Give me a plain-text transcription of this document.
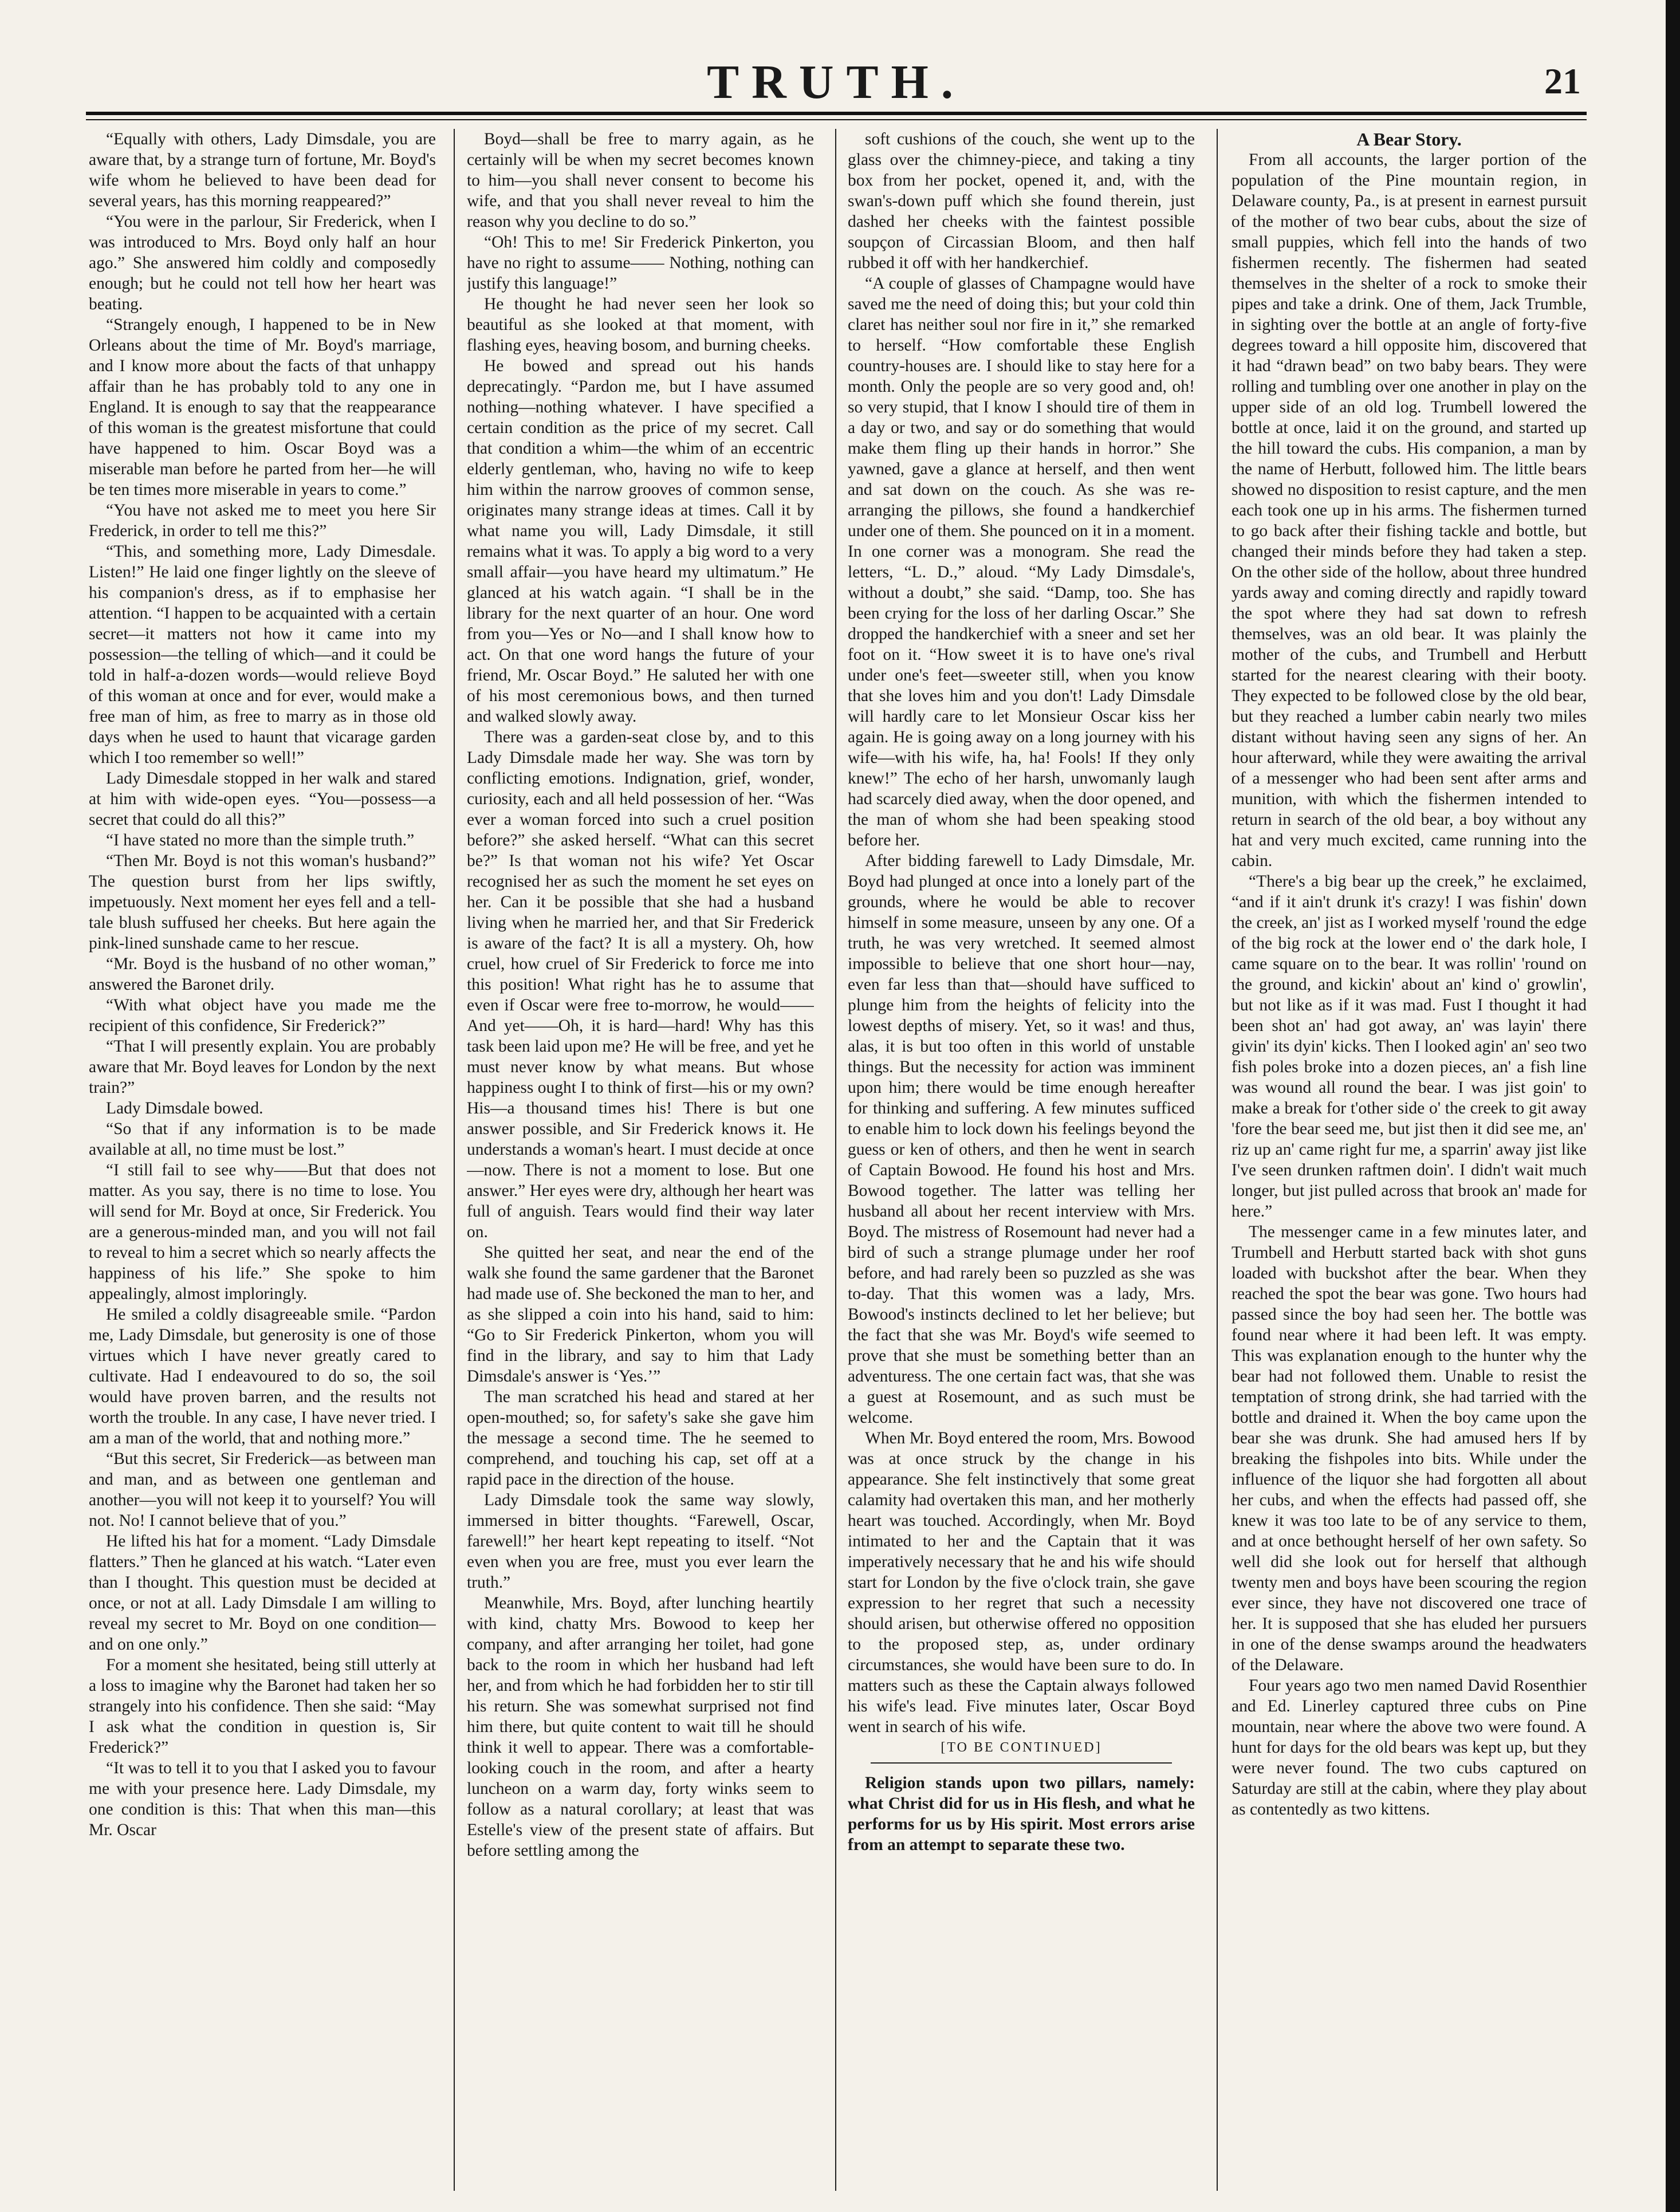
TRUTH.	21

“Equally with others, Lady Dimsdale, you are aware that, by a strange turn of fortune, Mr. Boyd's wife whom he believed to have been dead for several years, has this morning reappeared?”

“You were in the parlour, Sir Frederick, when I was introduced to Mrs. Boyd only half an hour ago.” She answered him coldly and composedly enough; but he could not tell how her heart was beating.

“Strangely enough, I happened to be in New Orleans about the time of Mr. Boyd's marriage, and I know more about the facts of that unhappy affair than he has probably told to any one in England. It is enough to say that the reappearance of this woman is the greatest misfortune that could have happened to him. Oscar Boyd was a miserable man before he parted from her—he will be ten times more miserable in years to come.”

“You have not asked me to meet you here Sir Frederick, in order to tell me this?”

“This, and something more, Lady Dimesdale. Listen!” He laid one finger lightly on the sleeve of his companion's dress, as if to emphasise her attention. “I happen to be acquainted with a certain secret—it matters not how it came into my possession—the telling of which—and it could be told in half-a-dozen words—would relieve Boyd of this woman at once and for ever, would make a free man of him, as free to marry as in those old days when he used to haunt that vicarage garden which I too remember so well!”

Lady Dimesdale stopped in her walk and stared at him with wide-open eyes. “You—possess—a secret that could do all this?”

“I have stated no more than the simple truth.”

“Then Mr. Boyd is not this woman's husband?” The question burst from her lips swiftly, impetuously. Next moment her eyes fell and a tell-tale blush suffused her cheeks. But here again the pink-lined sunshade came to her rescue.

“Mr. Boyd is the husband of no other woman,” answered the Baronet drily.

“With what object have you made me the recipient of this confidence, Sir Frederick?”

“That I will presently explain. You are probably aware that Mr. Boyd leaves for London by the next train?”

Lady Dimsdale bowed.

“So that if any information is to be made available at all, no time must be lost.”

“I still fail to see why——But that does not matter. As you say, there is no time to lose. You will send for Mr. Boyd at once, Sir Frederick. You are a generous-minded man, and you will not fail to reveal to him a secret which so nearly affects the happiness of his life.” She spoke to him appealingly, almost imploringly.

He smiled a coldly disagreeable smile. “Pardon me, Lady Dimsdale, but generosity is one of those virtues which I have never greatly cared to cultivate. Had I endeavoured to do so, the soil would have proven barren, and the results not worth the trouble. In any case, I have never tried. I am a man of the world, that and nothing more.”

“But this secret, Sir Frederick—as between man and man, and as between one gentleman and another—you will not keep it to yourself? You will not. No! I cannot believe that of you.”

He lifted his hat for a moment. “Lady Dimsdale flatters.” Then he glanced at his watch. “Later even than I thought. This question must be decided at once, or not at all. Lady Dimsdale I am willing to reveal my secret to Mr. Boyd on one condition—and on one only.”

For a moment she hesitated, being still utterly at a loss to imagine why the Baronet had taken her so strangely into his confidence. Then she said: “May I ask what the condition in question is, Sir Frederick?”

“It was to tell it to you that I asked you to favour me with your presence here. Lady Dimsdale, my one condition is this: That when this man—this Mr. Oscar

Boyd—shall be free to marry again, as he certainly will be when my secret becomes known to him—you shall never consent to become his wife, and that you shall never reveal to him the reason why you decline to do so.”

“Oh! This to me! Sir Frederick Pinkerton, you have no right to assume—— Nothing, nothing can justify this language!”

He thought he had never seen her look so beautiful as she looked at that moment, with flashing eyes, heaving bosom, and burning cheeks.

He bowed and spread out his hands deprecatingly. “Pardon me, but I have assumed nothing—nothing whatever. I have specified a certain condition as the price of my secret. Call that condition a whim—the whim of an eccentric elderly gentleman, who, having no wife to keep him within the narrow grooves of common sense, originates many strange ideas at times. Call it by what name you will, Lady Dimsdale, it still remains what it was. To apply a big word to a very small affair—you have heard my ultimatum.” He glanced at his watch again. “I shall be in the library for the next quarter of an hour. One word from you—Yes or No—and I shall know how to act. On that one word hangs the future of your friend, Mr. Oscar Boyd.” He saluted her with one of his most ceremonious bows, and then turned and walked slowly away.

There was a garden-seat close by, and to this Lady Dimsdale made her way. She was torn by conflicting emotions. Indignation, grief, wonder, curiosity, each and all held possession of her. “Was ever a woman forced into such a cruel position before?” she asked herself. “What can this secret be?” Is that woman not his wife? Yet Oscar recognised her as such the moment he set eyes on her. Can it be possible that she had a husband living when he married her, and that Sir Frederick is aware of the fact? It is all a mystery. Oh, how cruel, how cruel of Sir Frederick to force me into this position! What right has he to assume that even if Oscar were free to-morrow, he would——And yet——Oh, it is hard—hard! Why has this task been laid upon me? He will be free, and yet he must never know by what means. But whose happiness ought I to think of first—his or my own? His—a thousand times his! There is but one answer possible, and Sir Frederick knows it. He understands a woman's heart. I must decide at once—now. There is not a moment to lose. But one answer.” Her eyes were dry, although her heart was full of anguish. Tears would find their way later on.

She quitted her seat, and near the end of the walk she found the same gardener that the Baronet had made use of. She beckoned the man to her, and as she slipped a coin into his hand, said to him: “Go to Sir Frederick Pinkerton, whom you will find in the library, and say to him that Lady Dimsdale's answer is ‘Yes.’”

The man scratched his head and stared at her open-mouthed; so, for safety's sake she gave him the message a second time. The he seemed to comprehend, and touching his cap, set off at a rapid pace in the direction of the house.

Lady Dimsdale took the same way slowly, immersed in bitter thoughts. “Farewell, Oscar, farewell!” her heart kept repeating to itself. “Not even when you are free, must you ever learn the truth.”

Meanwhile, Mrs. Boyd, after lunching heartily with kind, chatty Mrs. Bowood to keep her company, and after arranging her toilet, had gone back to the room in which her husband had left her, and from which he had forbidden her to stir till his return. She was somewhat surprised not find him there, but quite content to wait till he should think it well to appear. There was a comfortable-looking couch in the room, and after a hearty luncheon on a warm day, forty winks seem to follow as a natural corollary; at least that was Estelle's view of the present state of affairs. But before settling among the

soft cushions of the couch, she went up to the glass over the chimney-piece, and taking a tiny box from her pocket, opened it, and, with the swan's-down puff which she found therein, just dashed her cheeks with the faintest possible soupçon of Circassian Bloom, and then half rubbed it off with her handkerchief.

“A couple of glasses of Champagne would have saved me the need of doing this; but your cold thin claret has neither soul nor fire in it,” she remarked to herself. “How comfortable these English country-houses are. I should like to stay here for a month. Only the people are so very good and, oh! so very stupid, that I know I should tire of them in a day or two, and say or do something that would make them fling up their hands in horror.” She yawned, gave a glance at herself, and then went and sat down on the couch. As she was re-arranging the pillows, she found a handkerchief under one of them. She pounced on it in a moment. In one corner was a monogram. She read the letters, “L. D.,” aloud. “My Lady Dimsdale's, without a doubt,” she said. “Damp, too. She has been crying for the loss of her darling Oscar.” She dropped the handkerchief with a sneer and set her foot on it. “How sweet it is to have one's rival under one's feet—sweeter still, when you know that she loves him and you don't! Lady Dimsdale will hardly care to let Monsieur Oscar kiss her again. He is going away on a long journey with his wife—with his wife, ha, ha! Fools! If they only knew!” The echo of her harsh, unwomanly laugh had scarcely died away, when the door opened, and the man of whom she had been speaking stood before her.

After bidding farewell to Lady Dimsdale, Mr. Boyd had plunged at once into a lonely part of the grounds, where he would be able to recover himself in some measure, unseen by any one. Of a truth, he was very wretched. It seemed almost impossible to believe that one short hour—nay, even far less than that—should have sufficed to plunge him from the heights of felicity into the lowest depths of misery. Yet, so it was! and thus, alas, it is but too often in this world of unstable things. But the necessity for action was imminent upon him; there would be time enough hereafter for thinking and suffering. A few minutes sufficed to enable him to lock down his feelings beyond the guess or ken of others, and then he went in search of Captain Bowood. He found his host and Mrs. Bowood together. The latter was telling her husband all about her recent interview with Mrs. Boyd. The mistress of Rosemount had never had a bird of such a strange plumage under her roof before, and had rarely been so puzzled as she was to-day. That this women was a lady, Mrs. Bowood's instincts declined to let her believe; but the fact that she was Mr. Boyd's wife seemed to prove that she must be something better than an adventuress. The one certain fact was, that she was a guest at Rosemount, and as such must be welcome.

When Mr. Boyd entered the room, Mrs. Bowood was at once struck by the change in his appearance. She felt instinctively that some great calamity had overtaken this man, and her motherly heart was touched. Accordingly, when Mr. Boyd intimated to her and the Captain that it was imperatively necessary that he and his wife should start for London by the five o'clock train, she gave expression to her regret that such a necessity should arisen, but otherwise offered no opposition to the proposed step, as, under ordinary circumstances, she would have been sure to do. In matters such as these the Captain always followed his wife's lead. Five minutes later, Oscar Boyd went in search of his wife.

[TO BE CONTINUED]

Religion stands upon two pillars, namely: what Christ did for us in His flesh, and what he performs for us by His spirit. Most errors arise from an attempt to separate these two.

A Bear Story.

From all accounts, the larger portion of the population of the Pine mountain region, in Delaware county, Pa., is at present in earnest pursuit of the mother of two bear cubs, about the size of small puppies, which fell into the hands of two fishermen recently. The fishermen had seated themselves in the shelter of a rock to smoke their pipes and take a drink. One of them, Jack Trumble, in sighting over the bottle at an angle of forty-five degrees toward a hill opposite him, discovered that it had “drawn bead” on two baby bears. They were rolling and tumbling over one another in play on the upper side of an old log. Trumbell lowered the bottle at once, laid it on the ground, and started up the hill toward the cubs. His companion, a man by the name of Herbutt, followed him. The little bears showed no disposition to resist capture, and the men each took one up in his arms. The fishermen turned to go back after their fishing tackle and bottle, but changed their minds before they had taken a step. On the other side of the hollow, about three hundred yards away and coming directly and rapidly toward the spot where they had sat down to refresh themselves, was an old bear. It was plainly the mother of the cubs, and Trumbell and Herbutt started for the nearest clearing with their booty. They expected to be followed close by the old bear, but they reached a lumber cabin nearly two miles distant without having seen any signs of her. An hour afterward, while they were awaiting the arrival of a messenger who had been sent after arms and munition, with which the fishermen intended to return in search of the old bear, a boy without any hat and very much excited, came running into the cabin.

“There's a big bear up the creek,” he exclaimed, “and if it ain't drunk it's crazy! I was fishin' down the creek, an' jist as I worked myself 'round the edge of the big rock at the lower end o' the dark hole, I came square on to the bear. It was rollin' 'round on the ground, and kickin' about an' kind o' growlin', but not like as if it was mad. Fust I thought it had been shot an' had got away, an' was layin' there givin' its dyin' kicks. Then I looked agin' an' seo two fish poles broke into a dozen pieces, an' a fish line was wound all round the bear. I was jist goin' to make a break for t'other side o' the creek to git away 'fore the bear seed me, but jist then it did see me, an' riz up an' came right fur me, a sparrin' away jist like I've seen drunken raftmen doin'. I didn't wait much longer, but jist pulled across that brook an' made for here.”

The messenger came in a few minutes later, and Trumbell and Herbutt started back with shot guns loaded with buckshot after the bear. When they reached the spot the bear was gone. Two hours had passed since the boy had seen her. The bottle was found near where it had been left. It was empty. This was explanation enough to the hunter why the bear had not followed them. Unable to resist the temptation of strong drink, she had tarried with the bottle and drained it. When the boy came upon the bear she was drunk. She had amused hers lf by breaking the fishpoles into bits. While under the influence of the liquor she had forgotten all about her cubs, and when the effects had passed off, she knew it was too late to be of any service to them, and at once bethought herself of her own safety. So well did she look out for herself that although twenty men and boys have been scouring the region ever since, they have not discovered one trace of her. It is supposed that she has eluded her pursuers in one of the dense swamps around the headwaters of the Delaware.

Four years ago two men named David Rosenthier and Ed. Linerley captured three cubs on Pine mountain, near where the above two were found. A hunt for days for the old bears was kept up, but they were never found. The two cubs captured on Saturday are still at the cabin, where they play about as contentedly as two kittens.
